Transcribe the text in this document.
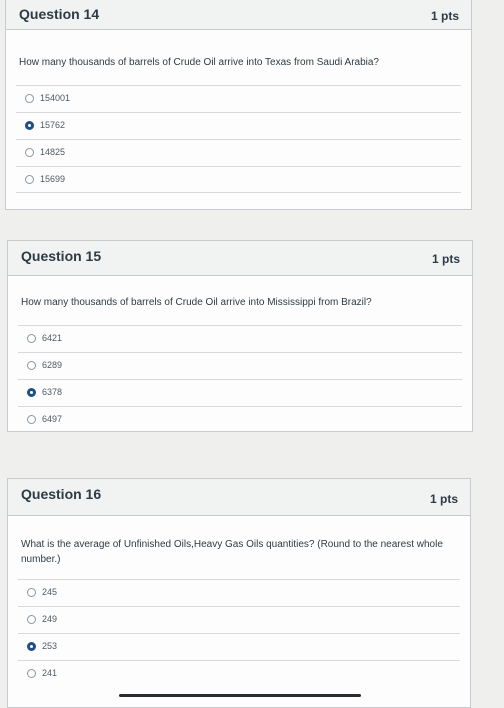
Question 14	1 pts
How many thousands of barrels of Crude Oil arrive into Texas from Saudi Arabia?
154001
15762
14825
15699
Question 15	1 pts
How many thousands of barrels of Crude Oil arrive into Mississippi from Brazil?
6421
6289
6378
6497
Question 16	1 pts
What is the average of Unfinished Oils,Heavy Gas Oils quantities? (Round to the nearest whole number.)
245
249
253
241
